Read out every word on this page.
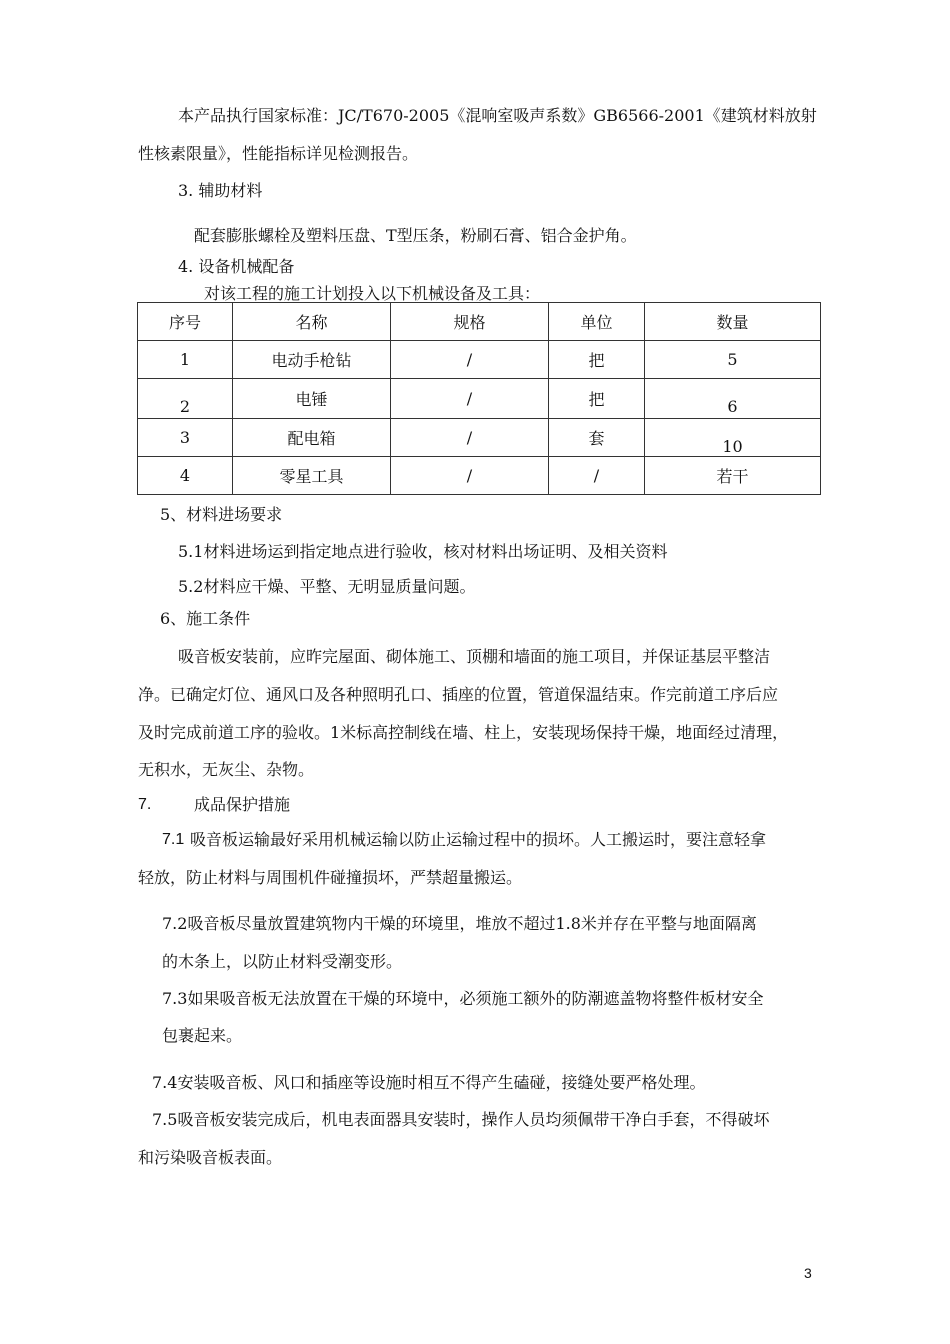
本产品执行国家标准：JC/T670-2005《混响室吸声系数》GB6566-2001《建筑材料放射
性核素限量》，性能指标详见检测报告。
3. 辅助材料
配套膨胀螺栓及塑料压盘、T型压条，粉刷石膏、铝合金护角。
4. 设备机械配备
对该工程的施工计划投入以下机械设备及工具：
序号	名称	规格	单位	数量
1	电动手枪钻	/	把	5
2	电锤	/	把	6
3	配电箱	/	套	10
4	零星工具	/	/	若干
5、材料进场要求
5.1材料进场运到指定地点进行验收，核对材料出场证明、及相关资料
5.2材料应干燥、平整、无明显质量问题。
6、施工条件
吸音板安装前，应昨完屋面、砌体施工、顶棚和墙面的施工项目，并保证基层平整洁
净。已确定灯位、通风口及各种照明孔口、插座的位置，管道保温结束。作完前道工序后应
及时完成前道工序的验收。1米标高控制线在墙、柱上，安装现场保持干燥，地面经过清理，
无积水，无灰尘、杂物。
7.	成品保护措施
7.1 吸音板运输最好采用机械运输以防止运输过程中的损坏。人工搬运时，要注意轻拿
轻放，防止材料与周围机件碰撞损坏，严禁超量搬运。
7.2吸音板尽量放置建筑物内干燥的环境里，堆放不超过1.8米并存在平整与地面隔离
的木条上，以防止材料受潮变形。
7.3如果吸音板无法放置在干燥的环境中，必须施工额外的防潮遮盖物将整件板材安全
包裹起来。
7.4安装吸音板、风口和插座等设施时相互不得产生磕碰，接缝处要严格处理。
7.5吸音板安装完成后，机电表面器具安装时，操作人员均须佩带干净白手套，不得破坏
和污染吸音板表面。
3
